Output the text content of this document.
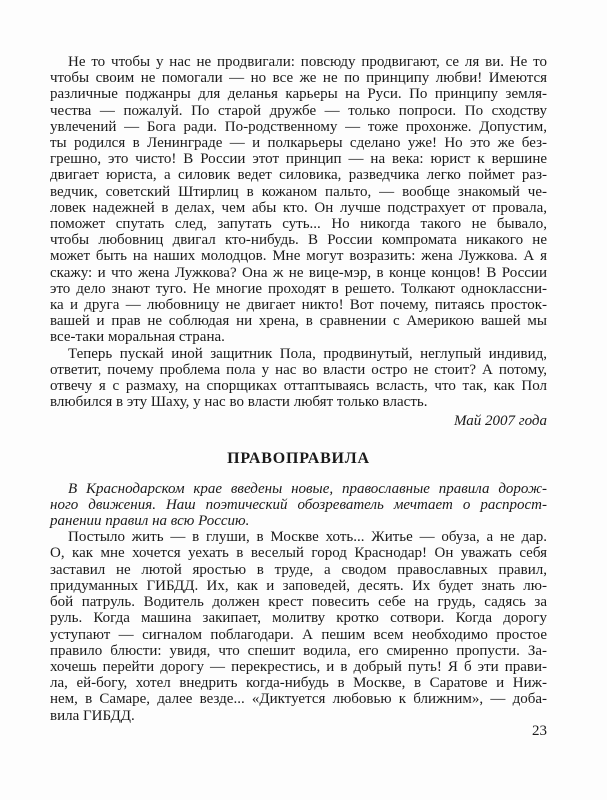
Не то чтобы у нас не продвигали: повсюду продвигают, се ля ви. Не то
чтобы своим не помогали — но все же не по принципу любви! Имеются
различные поджанры для деланья карьеры на Руси. По принципу земля-
чества — пожалуй. По старой дружбе — только попроси. По сходству
увлечений — Бога ради. По-родственному — тоже прохонже. Допустим,
ты родился в Ленинграде — и полкарьеры сделано уже! Но это же без-
грешно, это чисто! В России этот принцип — на века: юрист к вершине
двигает юриста, а силовик ведет силовика, разведчика легко поймет раз-
ведчик, советский Штирлиц в кожаном пальто, — вообще знакомый че-
ловек надежней в делах, чем абы кто. Он лучше подстрахует от провала,
поможет спутать след, запутать суть... Но никогда такого не бывало,
чтобы любовниц двигал кто-нибудь. В России компромата никакого не
может быть на наших молодцов. Мне могут возразить: жена Лужкова. А я
скажу: и что жена Лужкова? Она ж не вице-мэр, в конце концов! В России
это дело знают туго. Не многие проходят в решето. Толкают одноклассни-
ка и друга — любовницу не двигает никто! Вот почему, питаясь просток-
вашей и прав не соблюдая ни хрена, в сравнении с Америкою вашей мы
все-таки моральная страна.
Теперь пускай иной защитник Пола, продвинутый, неглупый индивид,
ответит, почему проблема пола у нас во власти остро не стоит? А потому,
отвечу я с размаху, на спорщиках оттаптываясь всласть, что так, как Пол
влюбился в эту Шаху, у нас во власти любят только власть.
Май 2007 года
ПРАВОПРАВИЛА
В Краснодарском крае введены новые, православные правила дорож-
ного движения. Наш поэтический обозреватель мечтает о распрост-
ранении правил на всю Россию.
Постыло жить — в глуши, в Москве хоть... Житье — обуза, а не дар.
О, как мне хочется уехать в веселый город Краснодар! Он уважать себя
заставил не лютой яростью в труде, а сводом православных правил,
придуманных ГИБДД. Их, как и заповедей, десять. Их будет знать лю-
бой патруль. Водитель должен крест повесить себе на грудь, садясь за
руль. Когда машина закипает, молитву кротко сотвори. Когда дорогу
уступают — сигналом поблагодари. А пешим всем необходимо простое
правило блюсти: увидя, что спешит водила, его смиренно пропусти. За-
хочешь перейти дорогу — перекрестись, и в добрый путь! Я б эти прави-
ла, ей-богу, хотел внедрить когда-нибудь в Москве, в Саратове и Ниж-
нем, в Самаре, далее везде... «Диктуется любовью к ближним», — доба-
вила ГИБДД.
23
